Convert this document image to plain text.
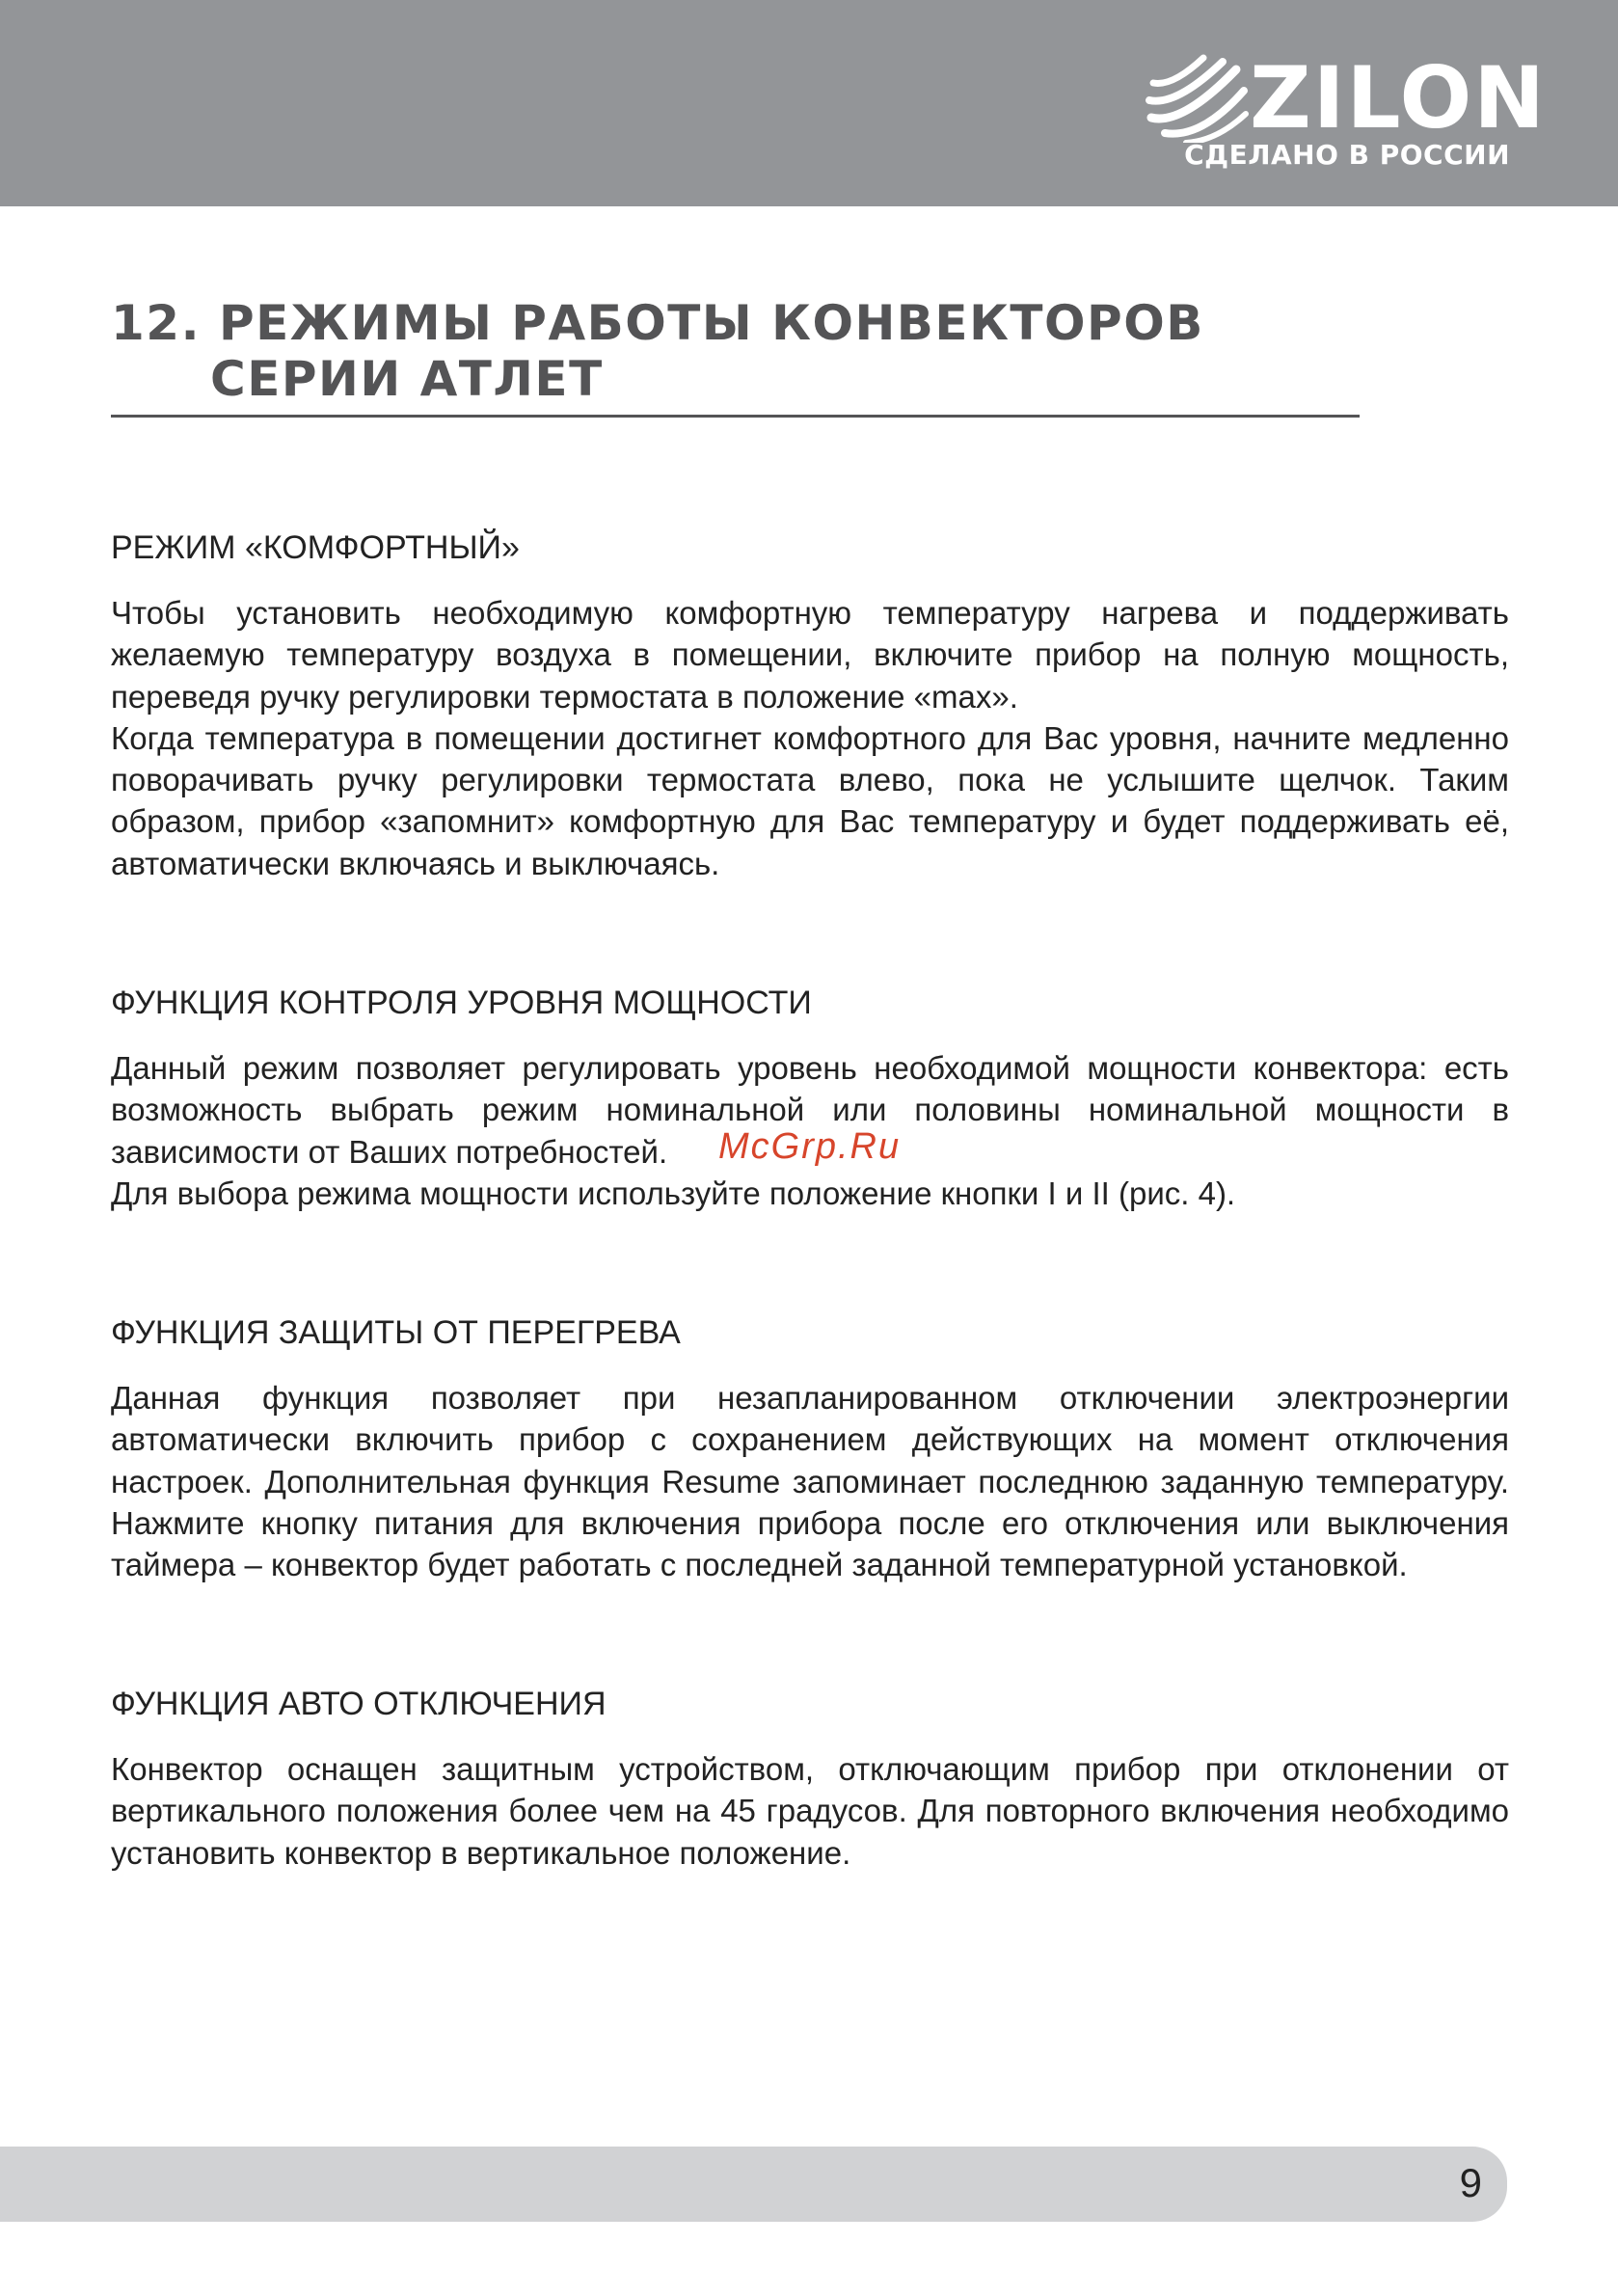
ZILON
СДЕЛАНО В РОССИИ
12. РЕЖИМЫ РАБОТЫ КОНВЕКТОРОВ
СЕРИИ АТЛЕТ
РЕЖИМ «КОМФОРТНЫЙ»

Чтобы установить необходимую комфортную температуру нагрева и поддерживать желаемую температуру воздуха в помещении, включите прибор на полную мощность, переведя ручку регулировки термостата в положение «max».

Когда температура в помещении достигнет комфортного для Вас уровня, начните медленно поворачивать ручку регулировки термостата влево, пока не услышите щелчок. Таким образом, прибор «запомнит» комфортную для Вас температуру и будет поддерживать её, автоматически включаясь и выключаясь.

ФУНКЦИЯ КОНТРОЛЯ УРОВНЯ МОЩНОСТИ

Данный режим позволяет регулировать уровень необходимой мощности конвектора: есть возможность выбрать режим номинальной или половины номинальной мощности в зависимости от Ваших потребностей.

Для выбора режима мощности используйте положение кнопки I и II (рис. 4).

ФУНКЦИЯ ЗАЩИТЫ ОТ ПЕРЕГРЕВА

Данная функция позволяет при незапланированном отключении электроэнергии автоматически включить прибор с сохранением действующих на момент отключения настроек. Дополнительная функция Resume запоминает последнюю заданную температуру. Нажмите кнопку питания для включения прибора после его отключения или выключения таймера – конвектор будет работать с последней заданной температурной установкой.

ФУНКЦИЯ АВТО ОТКЛЮЧЕНИЯ

Конвектор оснащен защитным устройством, отключающим прибор при отклонении от вертикального положения более чем на 45 градусов. Для повторного включения необходимо установить конвектор в вертикальное положение.

McGrp.Ru
9
